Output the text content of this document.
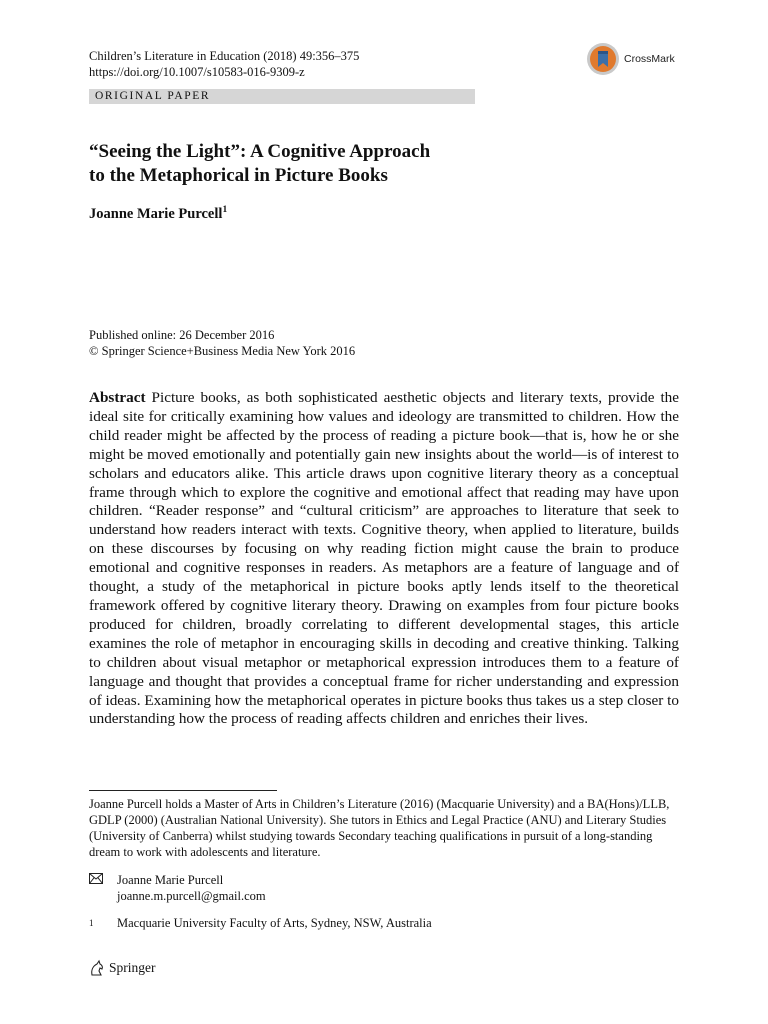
Children’s Literature in Education (2018) 49:356–375
https://doi.org/10.1007/s10583-016-9309-z
CrossMark
ORIGINAL PAPER
“Seeing the Light”: A Cognitive Approach
to the Metaphorical in Picture Books
Joanne Marie Purcell$^1$
Published online: 26 December 2016
© Springer Science+Business Media New York 2016

Abstract Picture books, as both sophisticated aesthetic objects and literary texts, provide the ideal site for critically examining how values and ideology are transmitted to children. How the child reader might be affected by the process of reading a picture book—that is, how he or she might be moved emotionally and potentially gain new insights about the world—is of interest to scholars and educators alike. This article draws upon cognitive literary theory as a conceptual frame through which to explore the cognitive and emotional affect that reading may have upon children. “Reader response” and “cultural criticism” are approaches to literature that seek to understand how readers interact with texts. Cognitive theory, when applied to literature, builds on these discourses by focusing on why reading fiction might cause the brain to produce emotional and cognitive responses in readers. As metaphors are a feature of language and of thought, a study of the metaphorical in picture books aptly lends itself to the theoretical framework offered by cognitive literary theory. Drawing on examples from four picture books produced for children, broadly correlating to different developmental stages, this article examines the role of metaphor in encouraging skills in decoding and creative thinking. Talking to children about visual metaphor or metaphorical expression introduces them to a feature of language and thought that provides a conceptual frame for richer understanding and expression of ideas. Examining how the metaphorical operates in picture books thus takes us a step closer to understanding how the process of reading affects children and enriches their lives.

Joanne Purcell holds a Master of Arts in Children’s Literature (2016) (Macquarie University) and a BA(Hons)/LLB, GDLP (2000) (Australian National University). She tutors in Ethics and Legal Practice (ANU) and Literary Studies (University of Canberra) whilst studying towards Secondary teaching qualifications in pursuit of a long-standing dream to work with adolescents and literature.

Joanne Marie Purcell
joanne.m.purcell@gmail.com
1	Macquarie University Faculty of Arts, Sydney, NSW, Australia
Springer
